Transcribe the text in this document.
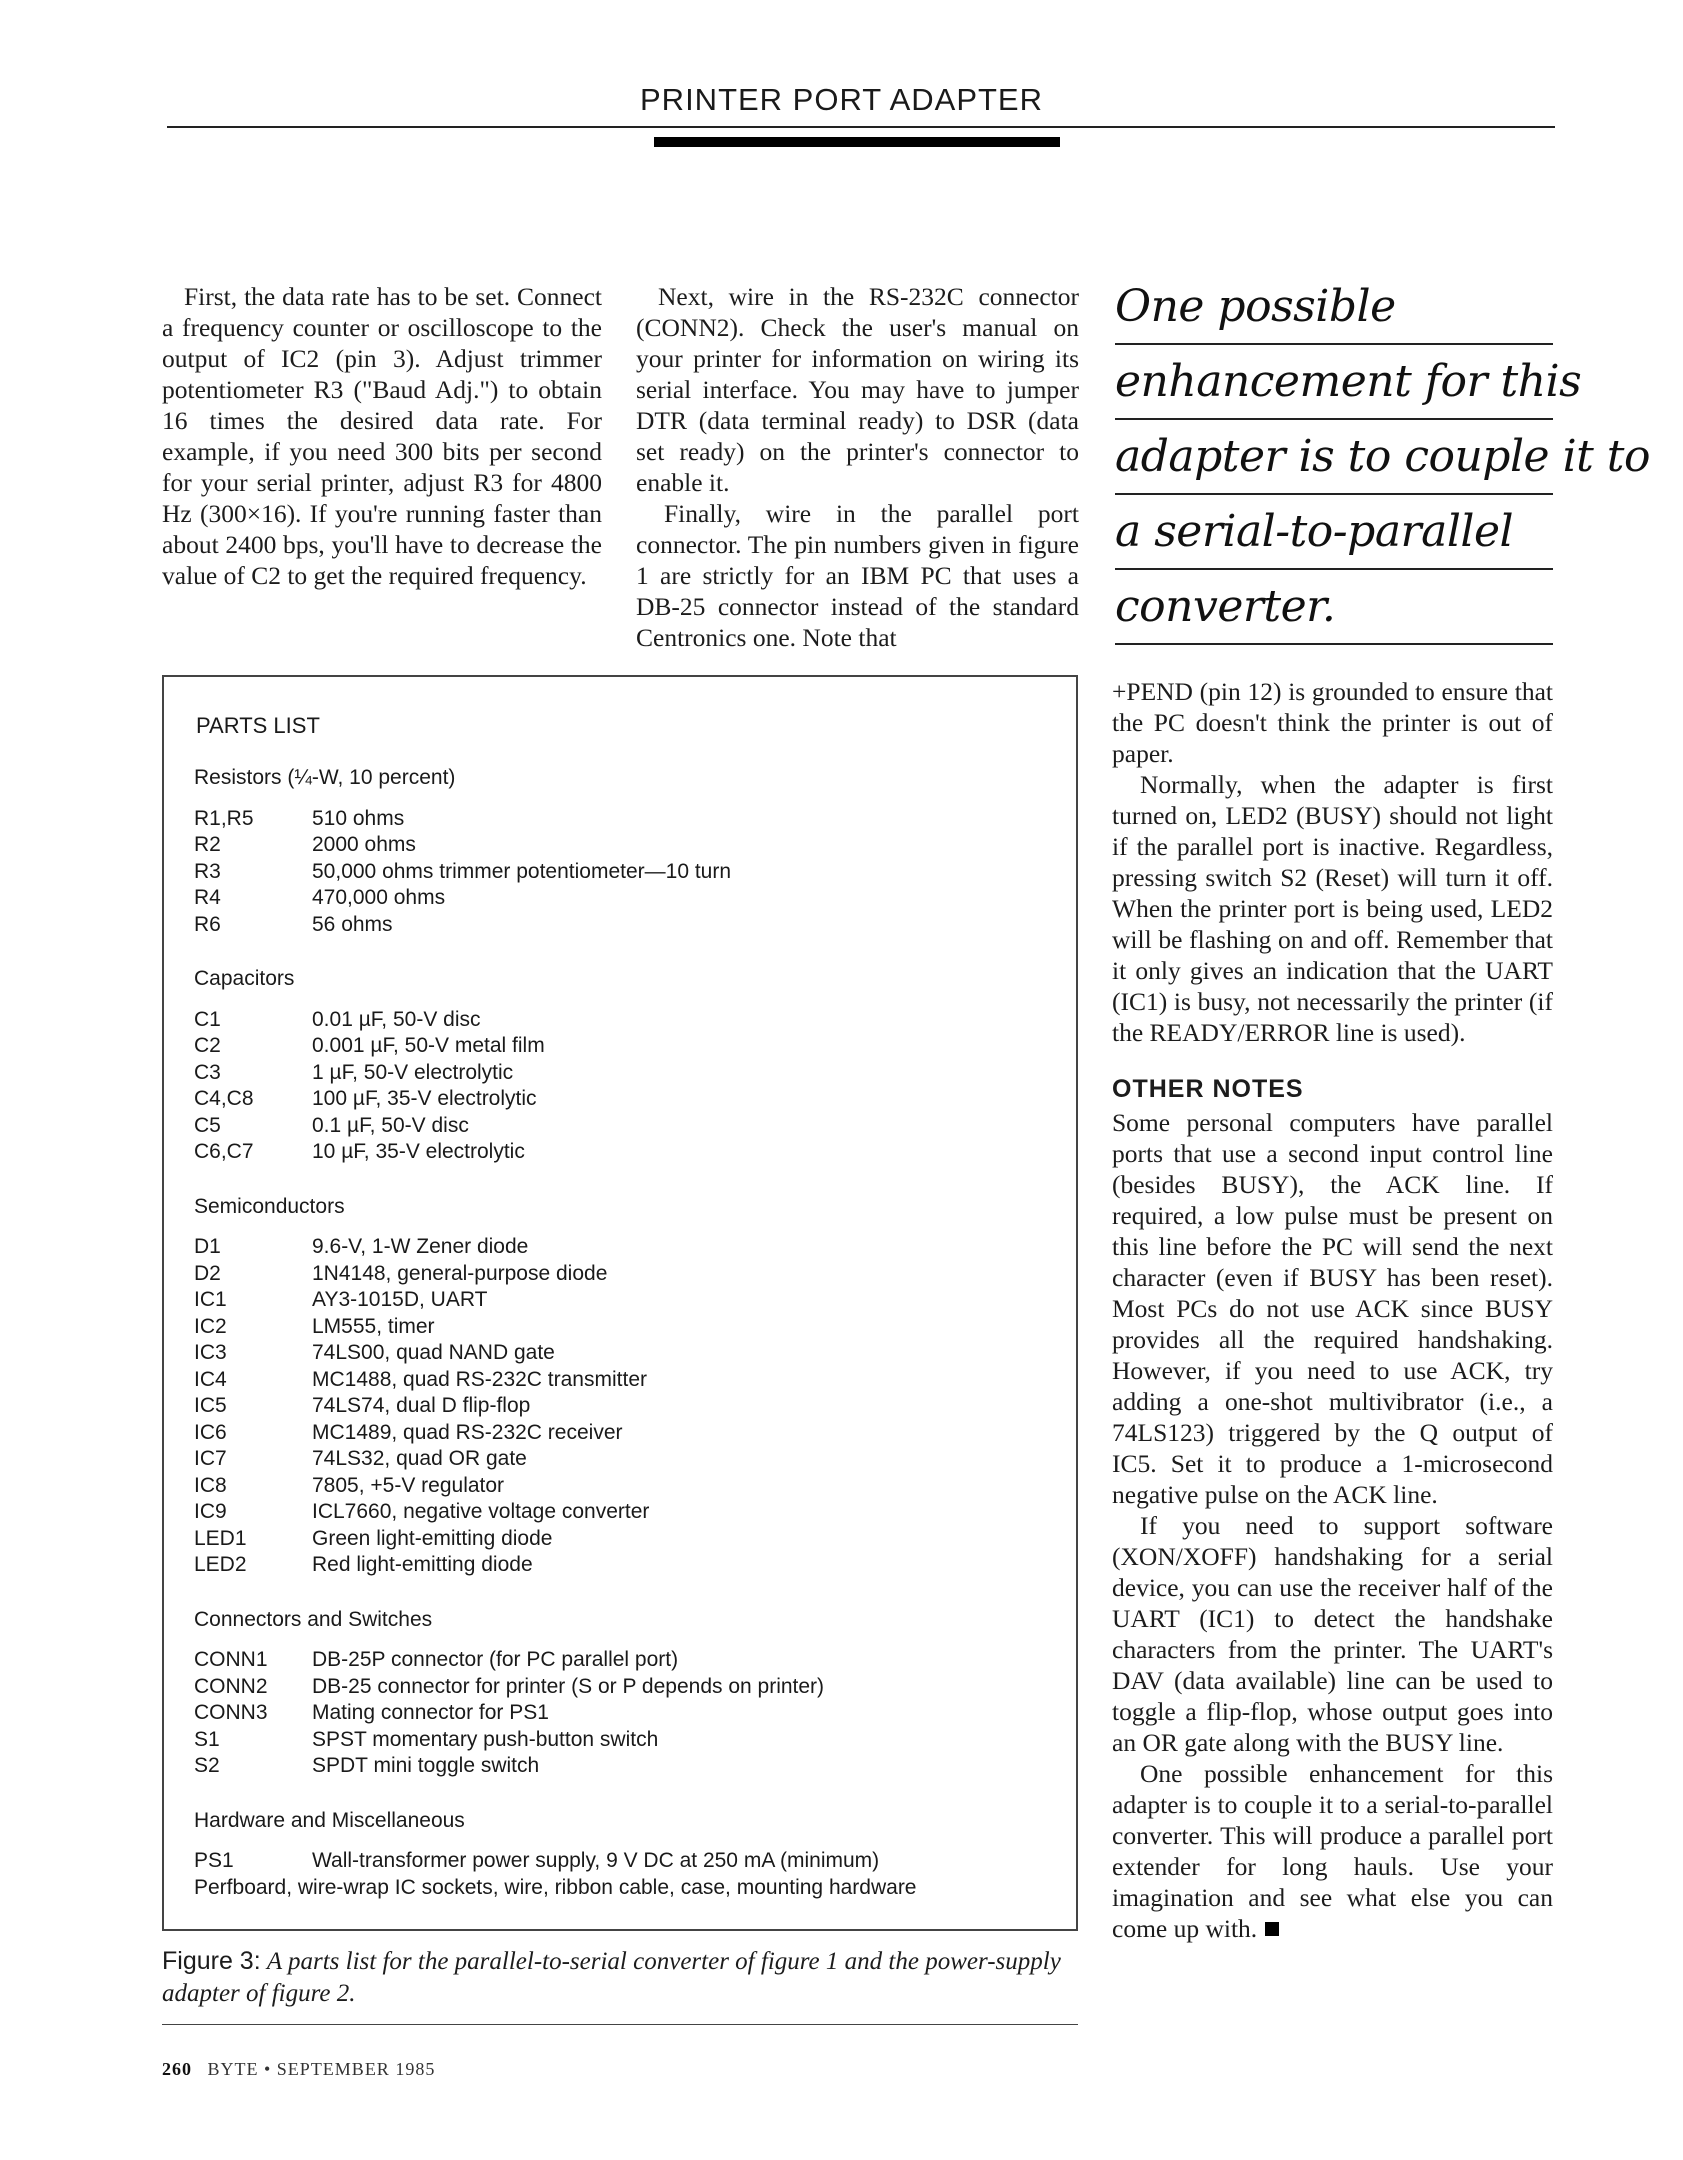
PRINTER PORT ADAPTER

First, the data rate has to be set. Connect a frequency counter or oscilloscope to the output of IC2 (pin 3). Adjust trimmer potentiometer R3 ("Baud Adj.") to obtain 16 times the desired data rate. For example, if you need 300 bits per second for your serial printer, adjust R3 for 4800 Hz (300×16). If you're running faster than about 2400 bps, you'll have to decrease the value of C2 to get the required frequency.

Next, wire in the RS-232C connector (CONN2). Check the user's manual on your printer for information on wiring its serial interface. You may have to jumper DTR (data terminal ready) to DSR (data set ready) on the printer's connector to enable it.

Finally, wire in the parallel port connector. The pin numbers given in figure 1 are strictly for an IBM PC that uses a DB-25 connector instead of the standard Centronics one. Note that

One possible
enhancement for this
adapter is to couple it to
a serial-to-parallel
converter.
PARTS LIST
Resistors (¼-W, 10 percent)
R1,R5	510 ohms
R2	2000 ohms
R3	50,000 ohms trimmer potentiometer—10 turn
R4	470,000 ohms
R6	56 ohms
Capacitors
C1	0.01 µF, 50-V disc
C2	0.001 µF, 50-V metal film
C3	1 µF, 50-V electrolytic
C4,C8	100 µF, 35-V electrolytic
C5	0.1 µF, 50-V disc
C6,C7	10 µF, 35-V electrolytic
Semiconductors
D1	9.6-V, 1-W Zener diode
D2	1N4148, general-purpose diode
IC1	AY3-1015D, UART
IC2	LM555, timer
IC3	74LS00, quad NAND gate
IC4	MC1488, quad RS-232C transmitter
IC5	74LS74, dual D flip-flop
IC6	MC1489, quad RS-232C receiver
IC7	74LS32, quad OR gate
IC8	7805, +5-V regulator
IC9	ICL7660, negative voltage converter
LED1	Green light-emitting diode
LED2	Red light-emitting diode
Connectors and Switches
CONN1	DB-25P connector (for PC parallel port)
CONN2	DB-25 connector for printer (S or P depends on printer)
CONN3	Mating connector for PS1
S1	SPST momentary push-button switch
S2	SPDT mini toggle switch
Hardware and Miscellaneous
PS1	Wall-transformer power supply, 9 V DC at 250 mA (minimum)
Perfboard, wire-wrap IC sockets, wire, ribbon cable, case, mounting hardware
Figure 3: A parts list for the parallel-to-serial converter of figure 1 and the power-supply adapter of figure 2.

+PEND (pin 12) is grounded to ensure that the PC doesn't think the printer is out of paper.

Normally, when the adapter is first turned on, LED2 (BUSY) should not light if the parallel port is inactive. Regardless, pressing switch S2 (Reset) will turn it off. When the printer port is being used, LED2 will be flashing on and off. Remember that it only gives an indication that the UART (IC1) is busy, not necessarily the printer (if the READY/ERROR line is used).

OTHER NOTES

Some personal computers have parallel ports that use a second input control line (besides BUSY), the ACK line. If required, a low pulse must be present on this line before the PC will send the next character (even if BUSY has been reset). Most PCs do not use ACK since BUSY provides all the required handshaking. However, if you need to use ACK, try adding a one-shot multivibrator (i.e., a 74LS123) triggered by the Q output of IC5. Set it to produce a 1-microsecond negative pulse on the ACK line.

If you need to support software (XON/XOFF) handshaking for a serial device, you can use the receiver half of the UART (IC1) to detect the handshake characters from the printer. The UART's DAV (data available) line can be used to toggle a flip-flop, whose output goes into an OR gate along with the BUSY line.

One possible enhancement for this adapter is to couple it to a serial-to-parallel converter. This will produce a parallel port extender for long hauls. Use your imagination and see what else you can come up with.

260 BYTE • SEPTEMBER 1985
